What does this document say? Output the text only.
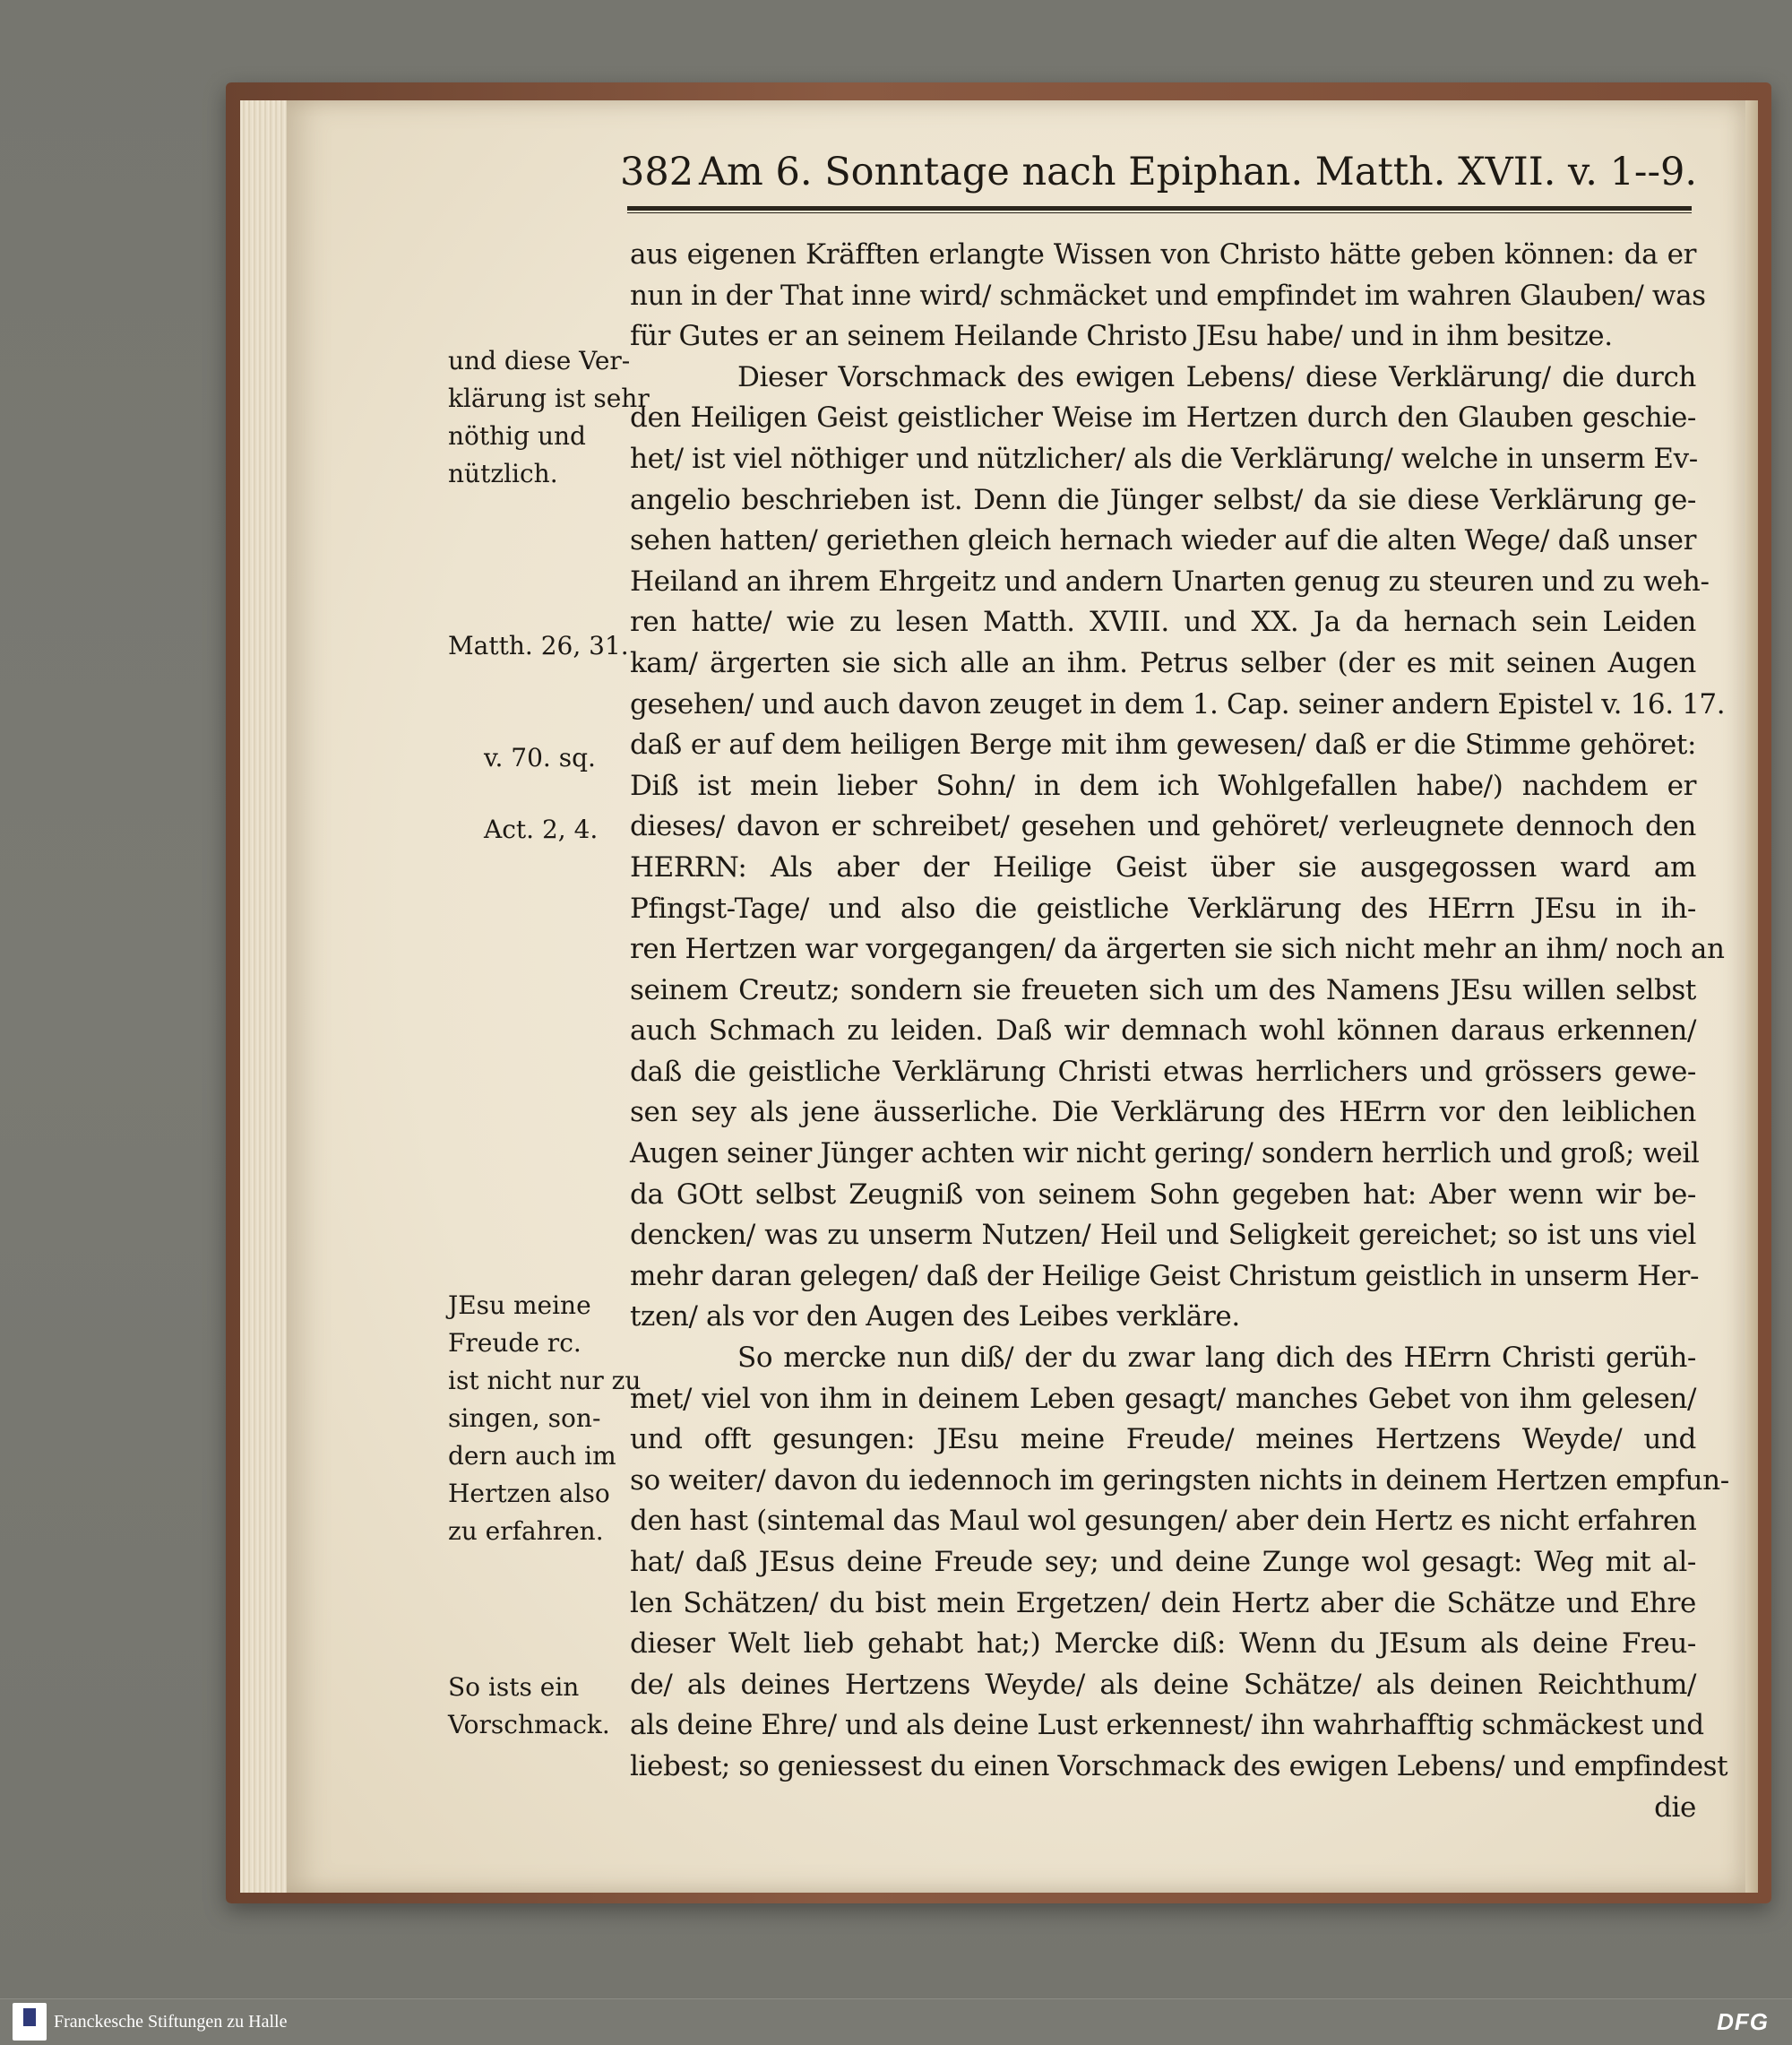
Am 6. Sonntage nach Epiphan. Matth. XVII. v. 1--9.
382
aus eigenen Kräfften erlangte Wissen von Christo hätte geben können: da er
nun in der That inne wird/ schmäcket und empfindet im wahren Glauben/ was
für Gutes er an seinem Heilande Christo JEsu habe/ und in ihm besitze.
Dieser Vorschmack des ewigen Lebens/ diese Verklärung/ die durch
den Heiligen Geist geistlicher Weise im Hertzen durch den Glauben geschie-
het/ ist viel nöthiger und nützlicher/ als die Verklärung/ welche in unserm Ev-
angelio beschrieben ist. Denn die Jünger selbst/ da sie diese Verklärung ge-
sehen hatten/ geriethen gleich hernach wieder auf die alten Wege/ daß unser
Heiland an ihrem Ehrgeitz und andern Unarten genug zu steuren und zu weh-
ren hatte/ wie zu lesen Matth. XVIII. und XX. Ja da hernach sein Leiden
kam/ ärgerten sie sich alle an ihm. Petrus selber (der es mit seinen Augen
gesehen/ und auch davon zeuget in dem 1. Cap. seiner andern Epistel v. 16. 17.
daß er auf dem heiligen Berge mit ihm gewesen/ daß er die Stimme gehöret:
Diß ist mein lieber Sohn/ in dem ich Wohlgefallen habe/) nachdem er
dieses/ davon er schreibet/ gesehen und gehöret/ verleugnete dennoch den
HERRN: Als aber der Heilige Geist über sie ausgegossen ward am
Pfingst-Tage/ und also die geistliche Verklärung des HErrn JEsu in ih-
ren Hertzen war vorgegangen/ da ärgerten sie sich nicht mehr an ihm/ noch an
seinem Creutz; sondern sie freueten sich um des Namens JEsu willen selbst
auch Schmach zu leiden. Daß wir demnach wohl können daraus erkennen/
daß die geistliche Verklärung Christi etwas herrlichers und grössers gewe-
sen sey als jene äusserliche. Die Verklärung des HErrn vor den leiblichen
Augen seiner Jünger achten wir nicht gering/ sondern herrlich und groß; weil
da GOtt selbst Zeugniß von seinem Sohn gegeben hat: Aber wenn wir be-
dencken/ was zu unserm Nutzen/ Heil und Seligkeit gereichet; so ist uns viel
mehr daran gelegen/ daß der Heilige Geist Christum geistlich in unserm Her-
tzen/ als vor den Augen des Leibes verkläre.
So mercke nun diß/ der du zwar lang dich des HErrn Christi gerüh-
met/ viel von ihm in deinem Leben gesagt/ manches Gebet von ihm gelesen/
und offt gesungen: JEsu meine Freude/ meines Hertzens Weyde/ und
so weiter/ davon du iedennoch im geringsten nichts in deinem Hertzen empfun-
den hast (sintemal das Maul wol gesungen/ aber dein Hertz es nicht erfahren
hat/ daß JEsus deine Freude sey; und deine Zunge wol gesagt: Weg mit al-
len Schätzen/ du bist mein Ergetzen/ dein Hertz aber die Schätze und Ehre
dieser Welt lieb gehabt hat;) Mercke diß: Wenn du JEsum als deine Freu-
de/ als deines Hertzens Weyde/ als deine Schätze/ als deinen Reichthum/
als deine Ehre/ und als deine Lust erkennest/ ihn wahrhafftig schmäckest und
liebest; so geniessest du einen Vorschmack des ewigen Lebens/ und empfindest
die
und diese Ver-
klärung ist sehr
nöthig und
nützlich.
Matth. 26, 31.
v. 70. sq.
Act. 2, 4.
JEsu meine
Freude rc.
ist nicht nur zu
singen, son-
dern auch im
Hertzen also
zu erfahren.
So ists ein
Vorschmack.
Franckesche Stiftungen zu Halle	DFG
